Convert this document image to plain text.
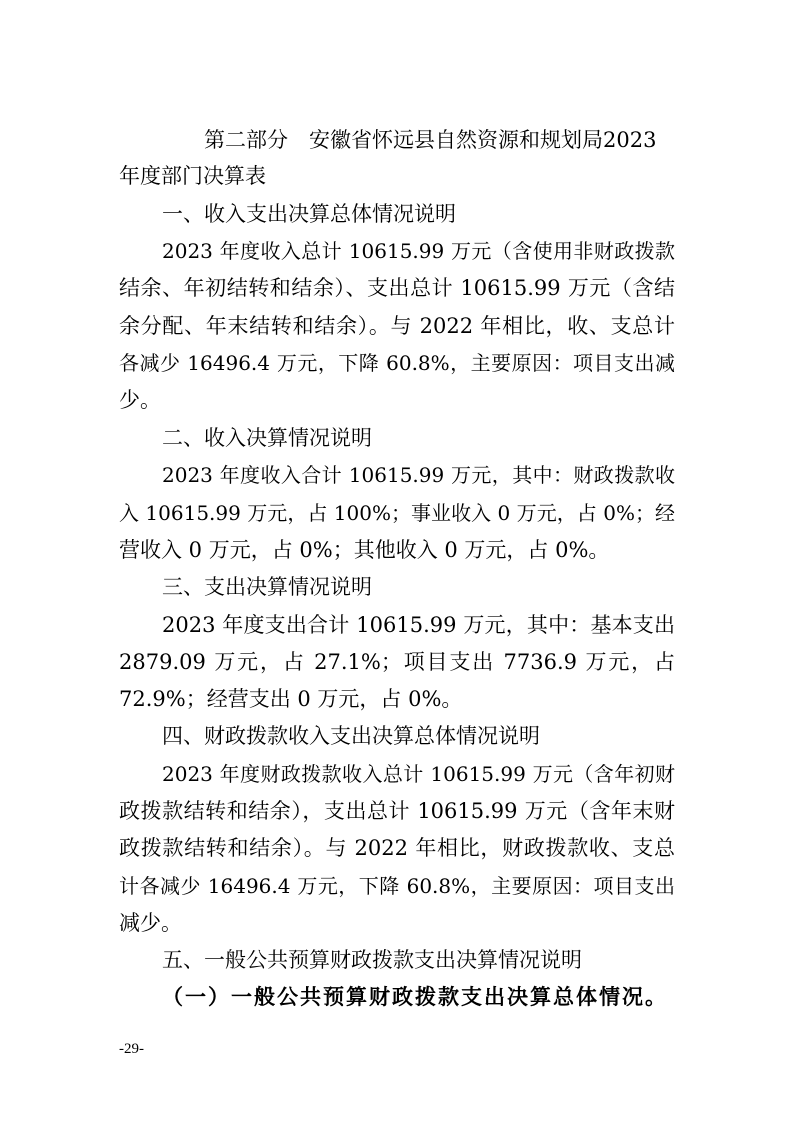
第二部分　安徽省怀远县自然资源和规划局2023
年度部门决算表
一、收入支出决算总体情况说明
2023 年度收入总计 10615.99 万元（含使用非财政拨款
结余、年初结转和结余）、支出总计 10615.99 万元（含结
余分配、年末结转和结余）。与 2022 年相比，收、支总计
各减少 16496.4 万元，下降 60.8%，主要原因：项目支出减
少。
二、收入决算情况说明
2023 年度收入合计 10615.99 万元，其中：财政拨款收
入 10615.99 万元，占 100%；事业收入 0 万元，占 0%；经
营收入 0 万元，占 0%；其他收入 0 万元，占 0%。
三、支出决算情况说明
2023 年度支出合计 10615.99 万元，其中：基本支出
2879.09 万元，占 27.1%；项目支出 7736.9 万元，占
72.9%；经营支出 0 万元，占 0%。
四、财政拨款收入支出决算总体情况说明
2023 年度财政拨款收入总计 10615.99 万元（含年初财
政拨款结转和结余），支出总计 10615.99 万元（含年末财
政拨款结转和结余）。与 2022 年相比，财政拨款收、支总
计各减少 16496.4 万元，下降 60.8%，主要原因：项目支出
减少。
五、一般公共预算财政拨款支出决算情况说明
（一）一般公共预算财政拨款支出决算总体情况。
-29-
